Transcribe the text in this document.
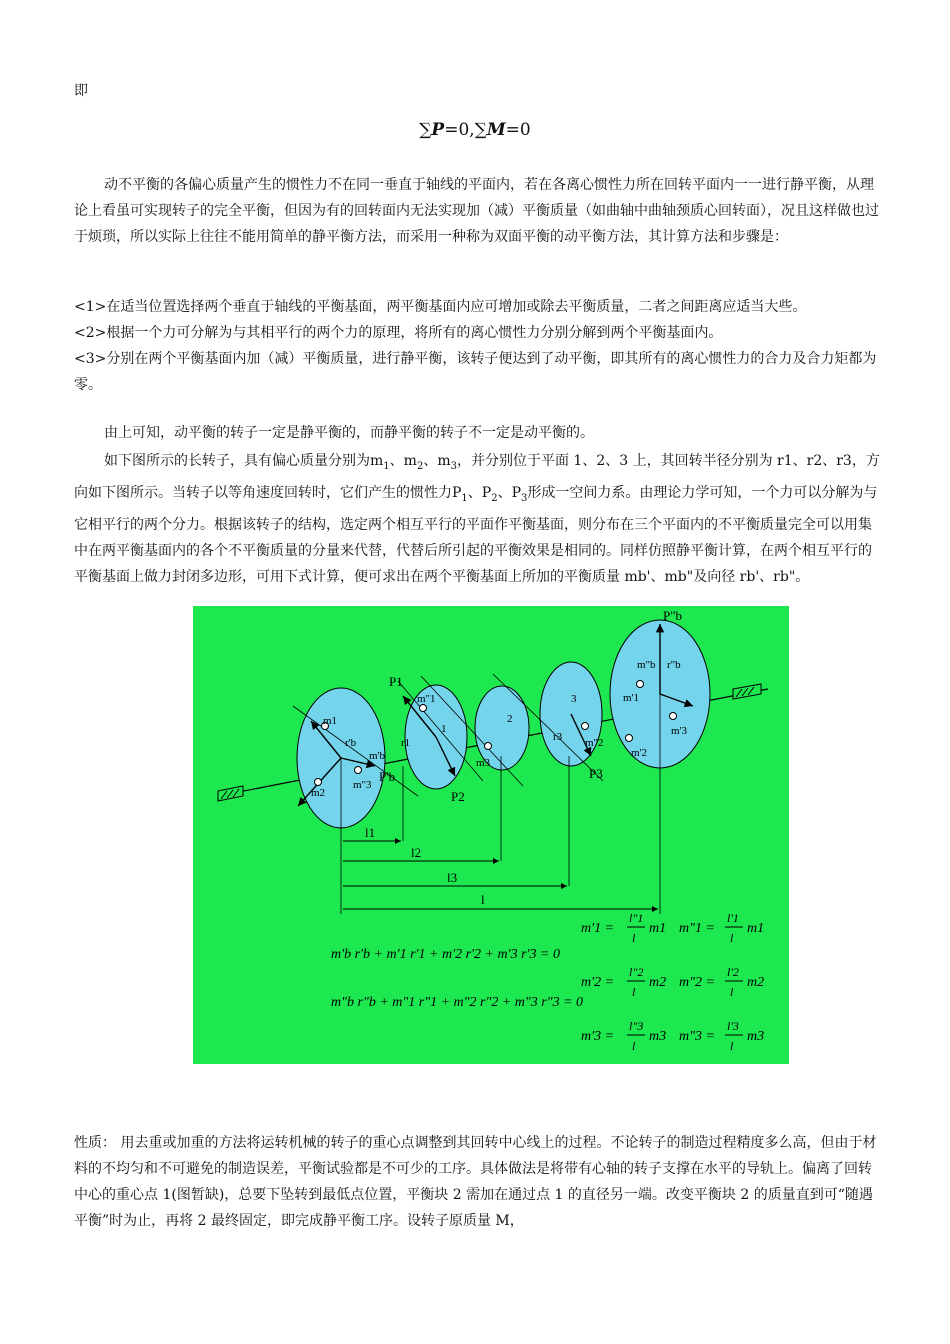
即

∑P=0,∑M=0

动不平衡的各偏心质量产生的惯性力不在同一垂直于轴线的平面内，若在各离心惯性力所在回转平面内一一进行静平衡，从理论上看虽可实现转子的完全平衡，但因为有的回转面内无法实现加（减）平衡质量（如曲轴中曲轴颈质心回转面），况且这样做也过于烦琐，所以实际上往往不能用简单的静平衡方法，而采用一种称为双面平衡的动平衡方法，其计算方法和步骤是：

<1>在适当位置选择两个垂直于轴线的平衡基面，两平衡基面内应可增加或除去平衡质量，二者之间距离应适当大些。

<2>根据一个力可分解为与其相平行的两个力的原理，将所有的离心惯性力分别分解到两个平衡基面内。

<3>分别在两个平衡基面内加（减）平衡质量，进行静平衡，该转子便达到了动平衡，即其所有的离心惯性力的合力及合力矩都为零。

由上可知，动平衡的转子一定是静平衡的，而静平衡的转子不一定是动平衡的。

如下图所示的长转子，具有偏心质量分别为$m_1$、$m_2$、$m_3$，并分别位于平面 1、2、3 上，其回转半径分别为 r1、r2、r3，方向如下图所示。当转子以等角速度回转时，它们产生的惯性力$P_1$、$P_2$、$P_3$形成一空间力系。由理论力学可知，一个力可以分解为与它相平行的两个分力。根据该转子的结构，选定两个相互平行的平面作平衡基面，则分布在三个平面内的不平衡质量完全可以用集中在两平衡基面内的各个不平衡质量的分量来代替，代替后所引起的平衡效果是相同的。同样仿照静平衡计算，在两个相互平行的平衡基面上做力封闭多边形，可用下式计算，便可求出在两个平衡基面上所加的平衡质量 mb'、mb"及向径 rb'、rb"。

P"b
P1
P2
P3
P'b
m1
m2
m3
m'1
m'2
m'3
m"1
m"3
m"2
m'b
m"b r"b
r'b	r1	r3
1
2
3
l1
l2
l3
l
m'b r'b + m'1 r'1 + m'2 r'2 + m'3 r'3 = 0
m"b r"b + m"1 r"1 + m"2 r"2 + m"3 r"3 = 0
m'1 =
l"1
l
m1 m"1 =
l'1
l
m1
m'2 =
l"2
l
m2 m"2 =
l'2
l
m2
m'3 =
l"3
l
m3 m"3 =
l'3
l
m3

性质： 用去重或加重的方法将运转机械的转子的重心点调整到其回转中心线上的过程。不论转子的制造过程精度多么高，但由于材料的不均匀和不可避免的制造误差，平衡试验都是不可少的工序。具体做法是将带有心轴的转子支撑在水平的导轨上。偏离了回转中心的重心点 1(图暂缺)，总要下坠转到最低点位置，平衡块 2 需加在通过点 1 的直径另一端。改变平衡块 2 的质量直到可“随遇平衡”时为止，再将 2 最终固定，即完成静平衡工序。设转子原质量 M，
